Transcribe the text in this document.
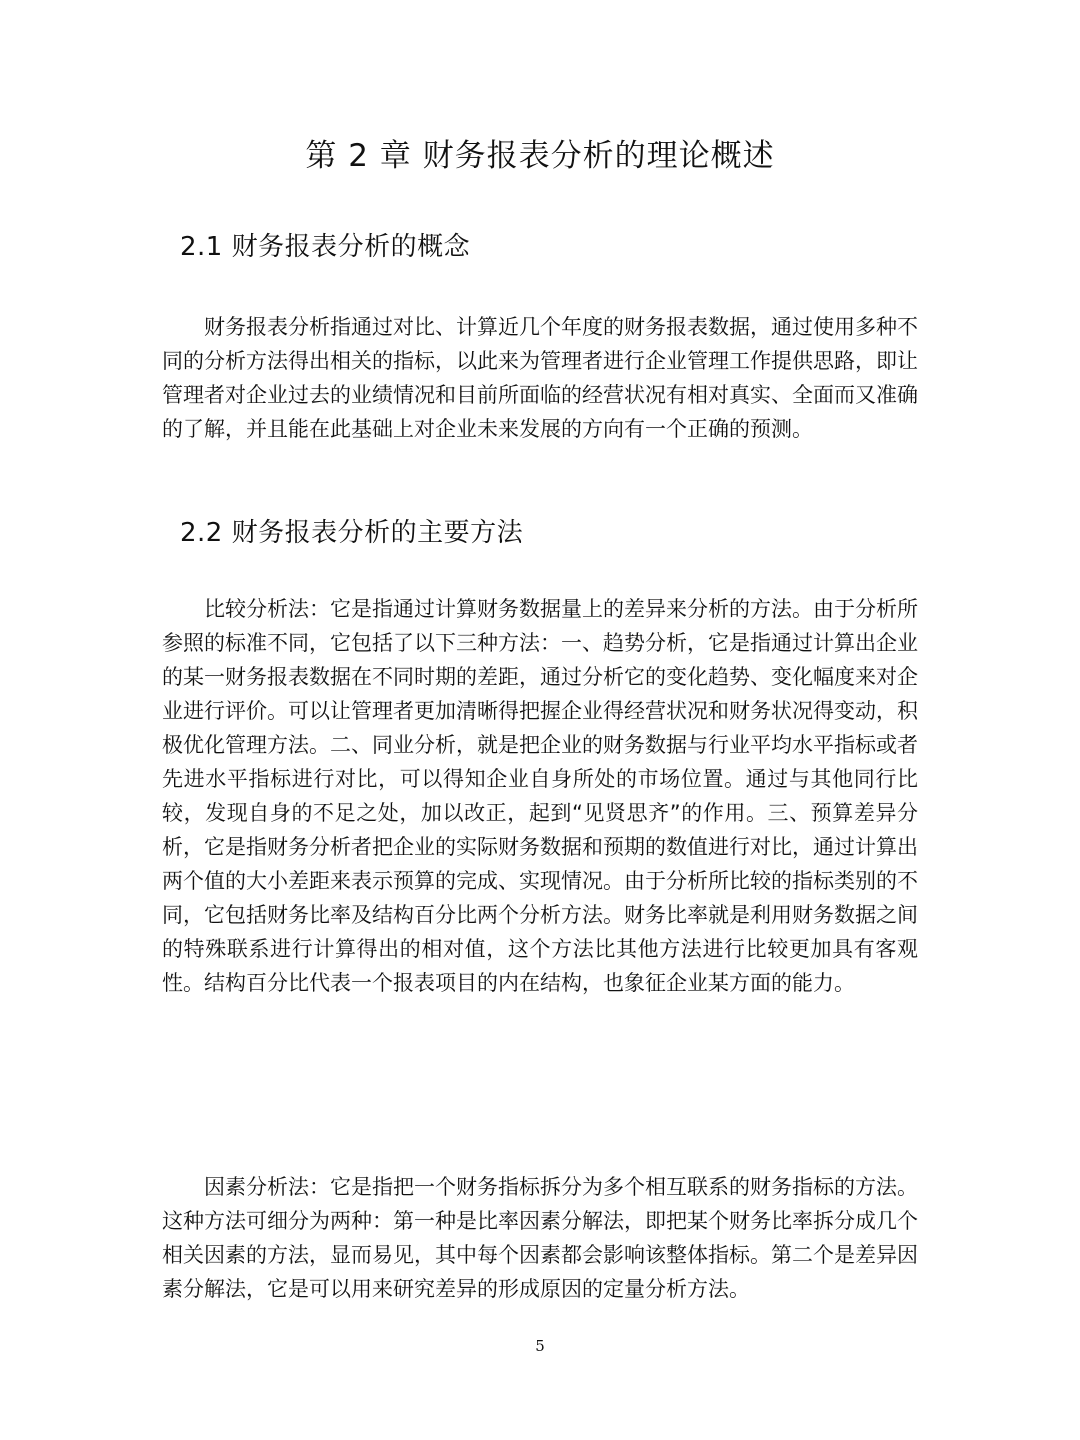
第 2 章 财务报表分析的理论概述
2.1 财务报表分析的概念

财务报表分析指通过对比、计算近几个年度的财务报表数据，通过使用多种不同的分析方法得出相关的指标，以此来为管理者进行企业管理工作提供思路，即让管理者对企业过去的业绩情况和目前所面临的经营状况有相对真实、全面而又准确的了解，并且能在此基础上对企业未来发展的方向有一个正确的预测。

2.2 财务报表分析的主要方法

比较分析法：它是指通过计算财务数据量上的差异来分析的方法。由于分析所参照的标准不同，它包括了以下三种方法：一、趋势分析，它是指通过计算出企业的某一财务报表数据在不同时期的差距，通过分析它的变化趋势、变化幅度来对企业进行评价。可以让管理者更加清晰得把握企业得经营状况和财务状况得变动，积极优化管理方法。二、同业分析，就是把企业的财务数据与行业平均水平指标或者先进水平指标进行对比，可以得知企业自身所处的市场位置。通过与其他同行比较，发现自身的不足之处，加以改正，起到“见贤思齐”的作用。三、预算差异分析，它是指财务分析者把企业的实际财务数据和预期的数值进行对比，通过计算出两个值的大小差距来表示预算的完成、实现情况。由于分析所比较的指标类别的不同，它包括财务比率及结构百分比两个分析方法。财务比率就是利用财务数据之间的特殊联系进行计算得出的相对值，这个方法比其他方法进行比较更加具有客观性。结构百分比代表一个报表项目的内在结构，也象征企业某方面的能力。

因素分析法：它是指把一个财务指标拆分为多个相互联系的财务指标的方法。这种方法可细分为两种：第一种是比率因素分解法，即把某个财务比率拆分成几个相关因素的方法，显而易见，其中每个因素都会影响该整体指标。第二个是差异因素分解法，它是可以用来研究差异的形成原因的定量分析方法。

5
